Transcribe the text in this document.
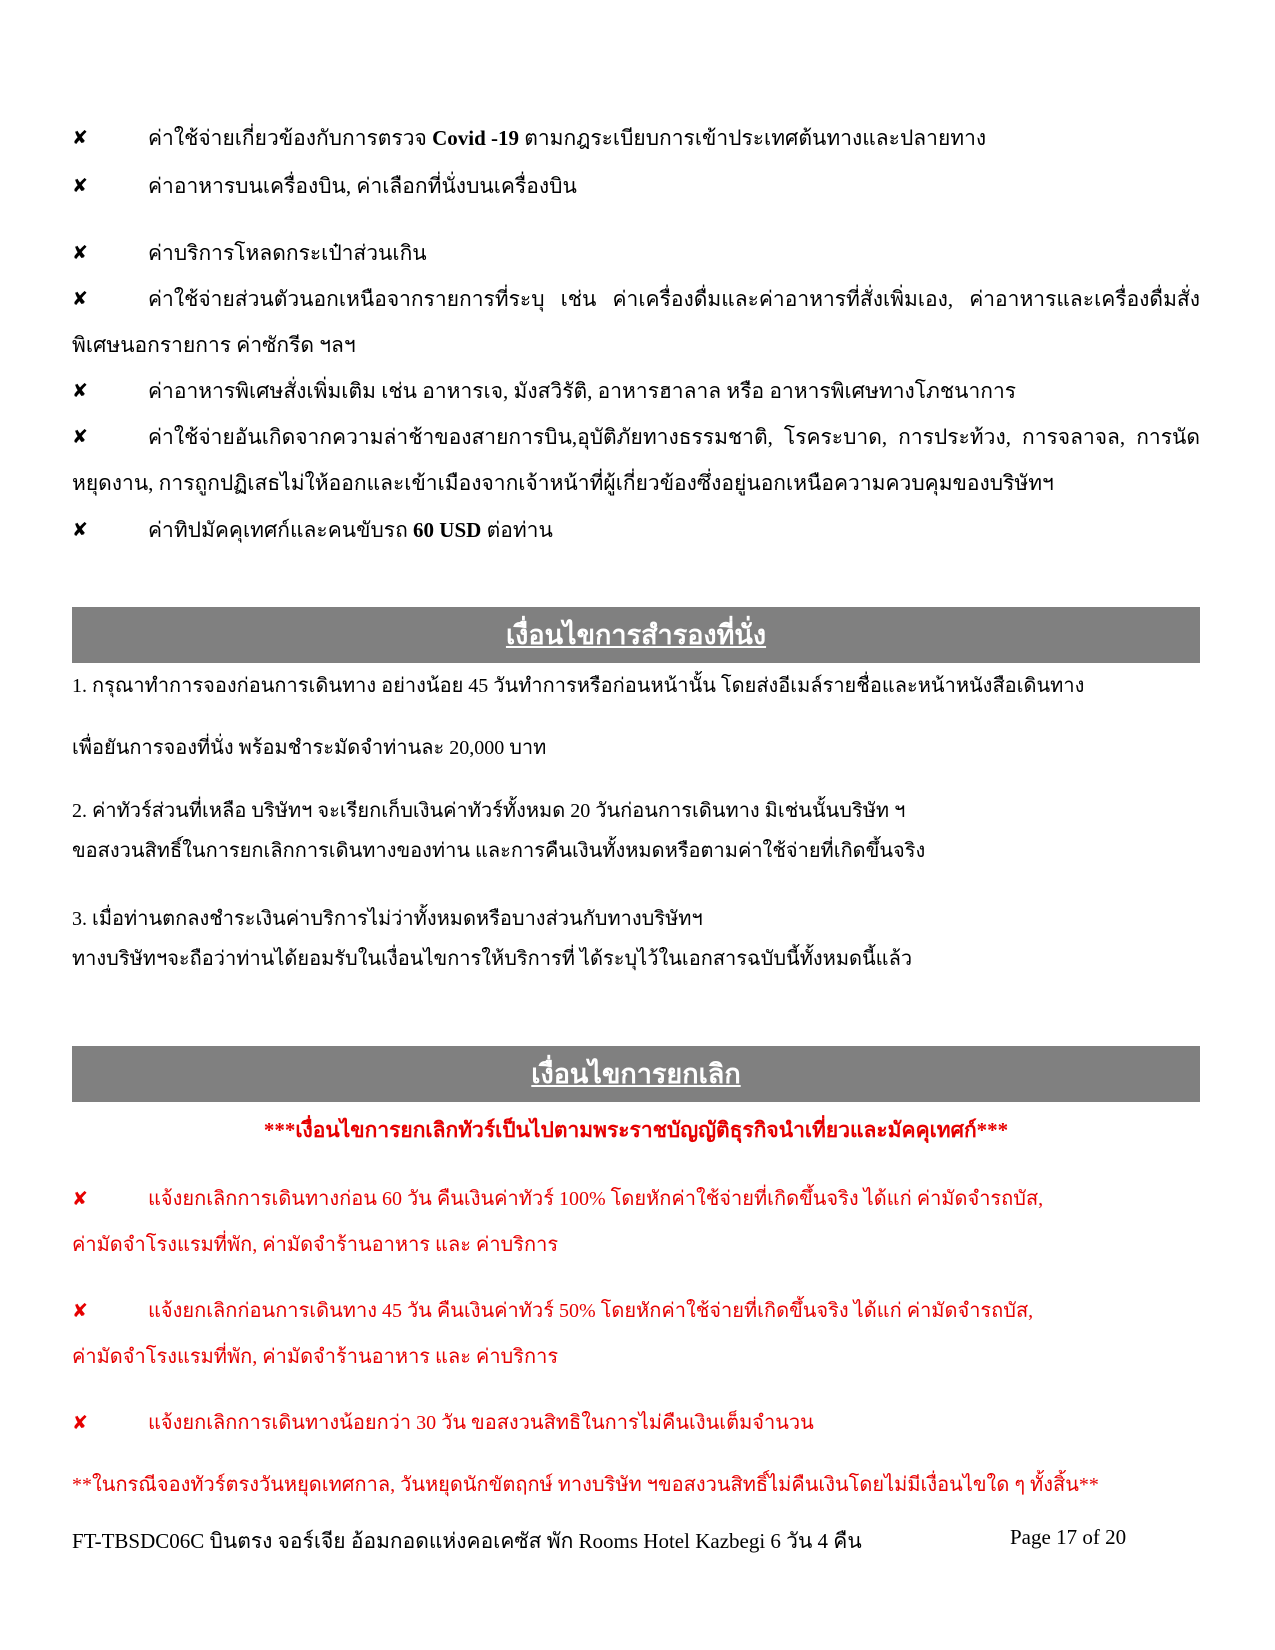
✘	ค่าใช้จ่ายเกี่ยวข้องกับการตรวจ Covid -19 ตามกฎระเบียบการเข้าประเทศต้นทางและปลายทาง
✘	ค่าอาหารบนเครื่องบิน, ค่าเลือกที่นั่งบนเครื่องบิน
✘	ค่าบริการโหลดกระเป๋าส่วนเกิน
✘	ค่าใช้จ่ายส่วนตัวนอกเหนือจากรายการที่ระบุ เช่น ค่าเครื่องดื่มและค่าอาหารที่สั่งเพิ่มเอง, ค่าอาหารและเครื่องดื่มสั่งพิเศษนอกรายการ ค่าซักรีด ฯลฯ
✘	ค่าอาหารพิเศษสั่งเพิ่มเติม เช่น อาหารเจ, มังสวิรัติ, อาหารฮาลาล หรือ อาหารพิเศษทางโภชนาการ
✘	ค่าใช้จ่ายอันเกิดจากความล่าช้าของสายการบิน,อุบัติภัยทางธรรมชาติ, โรคระบาด, การประท้วง, การจลาจล, การนัดหยุดงาน, การถูกปฏิเสธไม่ให้ออกและเข้าเมืองจากเจ้าหน้าที่ผู้เกี่ยวข้องซึ่งอยู่นอกเหนือความควบคุมของบริษัทฯ
✘	ค่าทิปมัคคุเทศก์และคนขับรถ 60 USD ต่อท่าน
เงื่อนไขการสำรองที่นั่ง
1. กรุณาทำการจองก่อนการเดินทาง อย่างน้อย 45 วันทำการหรือก่อนหน้านั้น โดยส่งอีเมล์รายชื่อและหน้าหนังสือเดินทาง
เพื่อยันการจองที่นั่ง พร้อมชำระมัดจำท่านละ 20,000 บาท
2. ค่าทัวร์ส่วนที่เหลือ บริษัทฯ จะเรียกเก็บเงินค่าทัวร์ทั้งหมด 20 วันก่อนการเดินทาง มิเช่นนั้นบริษัท ฯ
ขอสงวนสิทธิ์ในการยกเลิกการเดินทางของท่าน และการคืนเงินทั้งหมดหรือตามค่าใช้จ่ายที่เกิดขึ้นจริง
3. เมื่อท่านตกลงชำระเงินค่าบริการไม่ว่าทั้งหมดหรือบางส่วนกับทางบริษัทฯ
ทางบริษัทฯจะถือว่าท่านได้ยอมรับในเงื่อนไขการให้บริการที่ ได้ระบุไว้ในเอกสารฉบับนี้ทั้งหมดนี้แล้ว
เงื่อนไขการยกเลิก
***เงื่อนไขการยกเลิกทัวร์เป็นไปตามพระราชบัญญัติธุรกิจนำเที่ยวและมัคคุเทศก์***
✘	แจ้งยกเลิกการเดินทางก่อน 60 วัน คืนเงินค่าทัวร์ 100% โดยหักค่าใช้จ่ายที่เกิดขึ้นจริง ได้แก่ ค่ามัดจำรถบัส,
ค่ามัดจำโรงแรมที่พัก, ค่ามัดจำร้านอาหาร และ ค่าบริการ
✘	แจ้งยกเลิกก่อนการเดินทาง 45 วัน คืนเงินค่าทัวร์ 50% โดยหักค่าใช้จ่ายที่เกิดขึ้นจริง ได้แก่ ค่ามัดจำรถบัส,
ค่ามัดจำโรงแรมที่พัก, ค่ามัดจำร้านอาหาร และ ค่าบริการ
✘	แจ้งยกเลิกการเดินทางน้อยกว่า 30 วัน ขอสงวนสิทธิในการไม่คืนเงินเต็มจำนวน
**ในกรณีจองทัวร์ตรงวันหยุดเทศกาล, วันหยุดนักขัตฤกษ์ ทางบริษัท ฯขอสงวนสิทธิ์ไม่คืนเงินโดยไม่มีเงื่อนไขใด ๆ ทั้งสิ้น**
FT-TBSDC06C บินตรง จอร์เจีย อ้อมกอดแห่งคอเคซัส พัก Rooms Hotel Kazbegi 6 วัน 4 คืน	Page 17 of 20
